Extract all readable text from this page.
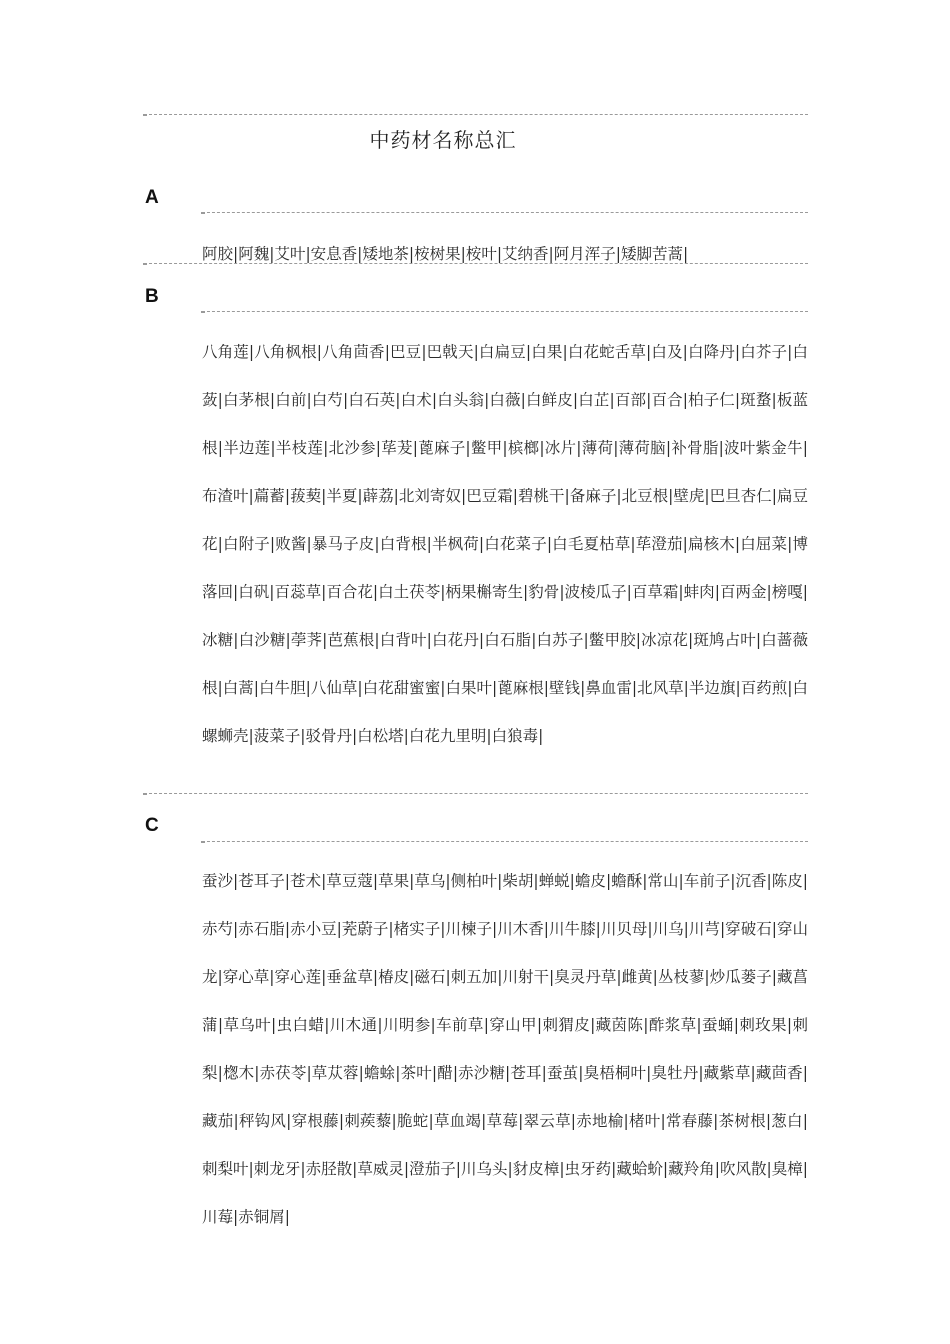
中药材名称总汇
A
阿胶|阿魏|艾叶|安息香|矮地茶|桉树果|桉叶|艾纳香|阿月浑子|矮脚苦蒿|
B
八角莲|八角枫根|八角茴香|巴豆|巴戟天|白扁豆|白果|白花蛇舌草|白及|白降丹|白芥子|白蔹|白茅根|白前|白芍|白石英|白术|白头翁|白薇|白鲜皮|白芷|百部|百合|柏子仁|斑蝥|板蓝根|半边莲|半枝莲|北沙参|荜茇|蓖麻子|鳖甲|槟榔|冰片|薄荷|薄荷脑|补骨脂|波叶紫金牛|布渣叶|萹蓄|菝葜|半夏|薜荔|北刘寄奴|巴豆霜|碧桃干|备麻子|北豆根|壁虎|巴旦杏仁|扁豆花|白附子|败酱|暴马子皮|白背根|半枫荷|白花菜子|白毛夏枯草|荜澄茄|扁核木|白屈菜|博落回|白矾|百蕊草|百合花|白土茯苓|柄果槲寄生|豹骨|波棱瓜子|百草霜|蚌肉|百两金|榜嘎|冰糖|白沙糖|荸荠|芭蕉根|白背叶|白花丹|白石脂|白苏子|鳖甲胶|冰凉花|斑鸠占叶|白蔷薇根|白蒿|白牛胆|八仙草|白花甜蜜蜜|白果叶|蓖麻根|壁钱|鼻血雷|北风草|半边旗|百药煎|白螺蛳壳|菠菜子|驳骨丹|白松塔|白花九里明|白狼毒|
C
蚕沙|苍耳子|苍术|草豆蔻|草果|草乌|侧柏叶|柴胡|蝉蜕|蟾皮|蟾酥|常山|车前子|沉香|陈皮|赤芍|赤石脂|赤小豆|茺蔚子|楮实子|川楝子|川木香|川牛膝|川贝母|川乌|川芎|穿破石|穿山龙|穿心草|穿心莲|垂盆草|椿皮|磁石|刺五加|川射干|臭灵丹草|雌黄|丛枝蓼|炒瓜蒌子|藏菖蒲|草乌叶|虫白蜡|川木通|川明参|车前草|穿山甲|刺猬皮|藏茵陈|酢浆草|蚕蛹|刺玫果|刺梨|楤木|赤茯苓|草苁蓉|蟾蜍|茶叶|醋|赤沙糖|苍耳|蚕茧|臭梧桐叶|臭牡丹|藏紫草|藏茴香|藏茄|秤钩风|穿根藤|刺蒺藜|脆蛇|草血竭|草莓|翠云草|赤地榆|楮叶|常春藤|茶树根|葱白|刺梨叶|刺龙牙|赤胫散|草威灵|澄茄子|川乌头|豺皮樟|虫牙药|藏蛤蚧|藏羚角|吹风散|臭樟|川莓|赤铜屑|
